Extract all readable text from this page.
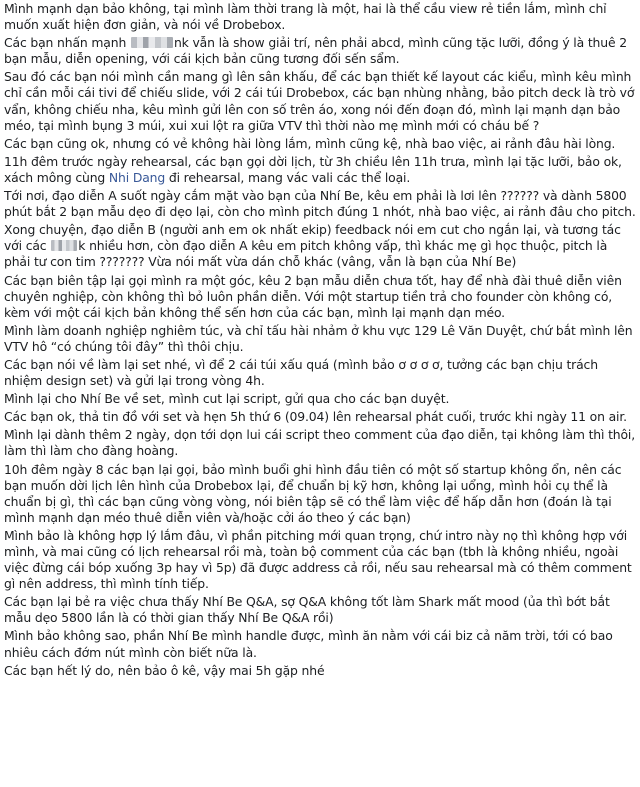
Mình mạnh dạn bảo không, tại mình làm thời trang là một, hai là thể cầu view rẻ tiền lắm, mình chỉ muốn xuất hiện đơn giản, và nói về Drobebox.
Các bạn nhấn mạnh	nk vẫn là show giải trí, nên phải abcd, mình cũng tặc lưỡi, đồng ý là thuê 2 bạn mẫu, diễn opening, với cái kịch bản cũng tương đối sến sẩm.
Sau đó các bạn nói mình cần mang gì lên sân khấu, để các bạn thiết kế layout các kiểu, mình kêu mình chỉ cần mỗi cái tivi để chiếu slide, với 2 cái túi Drobebox, các bạn nhùng nhằng, bảo pitch deck là trò vớ vẩn, không chiếu nha, kêu mình gửi lên con số trên áo, xong nói đến đoạn đó, mình lại mạnh dạn bảo méo, tại mình bụng 3 múi, xui xui lột ra giữa VTV thì thời nào mẹ mình mới có cháu bế ?
Các bạn cũng ok, nhưng có vẻ không hài lòng lắm, mình cũng kệ, nhà bao việc, ai rảnh đâu hài lòng.
11h đêm trước ngày rehearsal, các bạn gọi dời lịch, từ 3h chiều lên 11h trưa, mình lại tặc lưỡi, bảo ok, xách mông cùng Nhi Dang đi rehearsal, mang vác vali các thể loại.
Tới nơi, đạo diễn A suốt ngày cắm mặt vào bạn của Nhí Be, kêu em phải là lơi lên ?????? và dành 5800 phút bắt 2 bạn mẫu dẹo đi dẹo lại, còn cho mình pitch đúng 1 nhót, nhà bao việc, ai rảnh đâu cho pitch.
Xong chuyện, đạo diễn B (người anh em ok nhất ekip) feedback nói em cut cho ngắn lại, và tương tác với các k nhiều hơn, còn đạo diễn A kêu em pitch không vấp, thì khác mẹ gì học thuộc, pitch là phải tư con tim ??????? Vừa nói mất vừa dán chỗ khác (vâng, vẫn là bạn của Nhí Be)
Các bạn biên tập lại gọi mình ra một góc, kêu 2 bạn mẫu diễn chưa tốt, hay để nhà đài thuê diễn viên chuyên nghiệp, còn không thì bỏ luôn phần diễn. Với một startup tiền trả cho founder còn không có, kèm với một cái kịch bản không thể sến hơn của các bạn, mình lại mạnh dạn méo.
Mình làm doanh nghiệp nghiêm túc, và chỉ tấu hài nhảm ở khu vực 129 Lê Văn Duyệt, chứ bắt mình lên VTV hô “có chúng tôi đây” thì thôi chịu.
Các bạn nói về làm lại set nhé, vì để 2 cái túi xấu quá (mình bảo ơ ơ ơ ơ, tưởng các bạn chịu trách nhiệm design set) và gửi lại trong vòng 4h.
Mình lại cho Nhí Be về set, mình cut lại script, gửi qua cho các bạn duyệt.
Các bạn ok, thả tin đồ với set và hẹn 5h thứ 6 (09.04) lên rehearsal phát cuối, trước khi ngày 11 on air.
Mình lại dành thêm 2 ngày, dọn tới dọn lui cái script theo comment của đạo diễn, tại không làm thì thôi, làm thì làm cho đàng hoàng.
10h đêm ngày 8 các bạn lại gọi, bảo mình buổi ghi hình đầu tiên có một số startup không ổn, nên các bạn muốn dời lịch lên hình của Drobebox lại, để chuẩn bị kỹ hơn, không lại uổng, mình hỏi cụ thể là chuẩn bị gì, thì các bạn cũng vòng vòng, nói biên tập sẽ có thể làm việc để hấp dẫn hơn (đoán là tại mình mạnh dạn méo thuê diễn viên và/hoặc cởi áo theo ý các bạn)
Mình bảo là không hợp lý lắm đâu, vì phần pitching mới quan trọng, chứ intro này nọ thì không hợp với mình, và mai cũng có lịch rehearsal rồi mà, toàn bộ comment của các bạn (tbh là không nhiều, ngoài việc đừng cái bóp xuống 3p hay vì 5p) đã được address cả rồi, nếu sau rehearsal mà có thêm comment gì nên address, thì mình tính tiếp.
Các bạn lại bẻ ra việc chưa thấy Nhí Be Q&A, sợ Q&A không tốt làm Shark mất mood (ủa thì bớt bắt mẫu dẹo 5800 lần là có thời gian thấy Nhí Be Q&A rồi)
Mình bảo không sao, phần Nhí Be mình handle được, mình ăn nằm với cái biz cả năm trời, tới có bao nhiêu cách đớm nút mình còn biết nữa là.
Các bạn hết lý do, nên bảo ô kê, vậy mai 5h gặp nhé
